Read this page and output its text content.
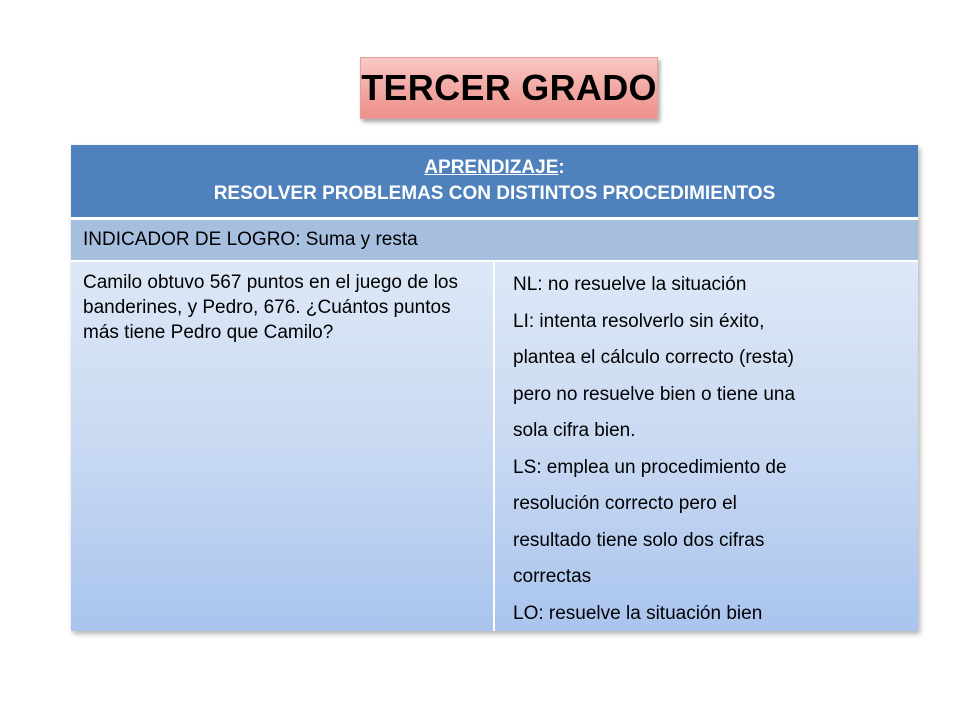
TERCER GRADO
APRENDIZAJE:
RESOLVER PROBLEMAS CON DISTINTOS PROCEDIMIENTOS
INDICADOR DE LOGRO: Suma y resta
Camilo obtuvo 567 puntos en el juego de los banderines, y Pedro, 676. ¿Cuántos puntos más tiene Pedro que Camilo?
NL: no resuelve la situación
LI: intenta resolverlo sin éxito,
plantea el cálculo correcto (resta)
pero no resuelve bien o tiene una
sola cifra bien.
LS: emplea un procedimiento de
resolución correcto pero el
resultado tiene solo dos cifras
correctas
LO: resuelve la situación bien
